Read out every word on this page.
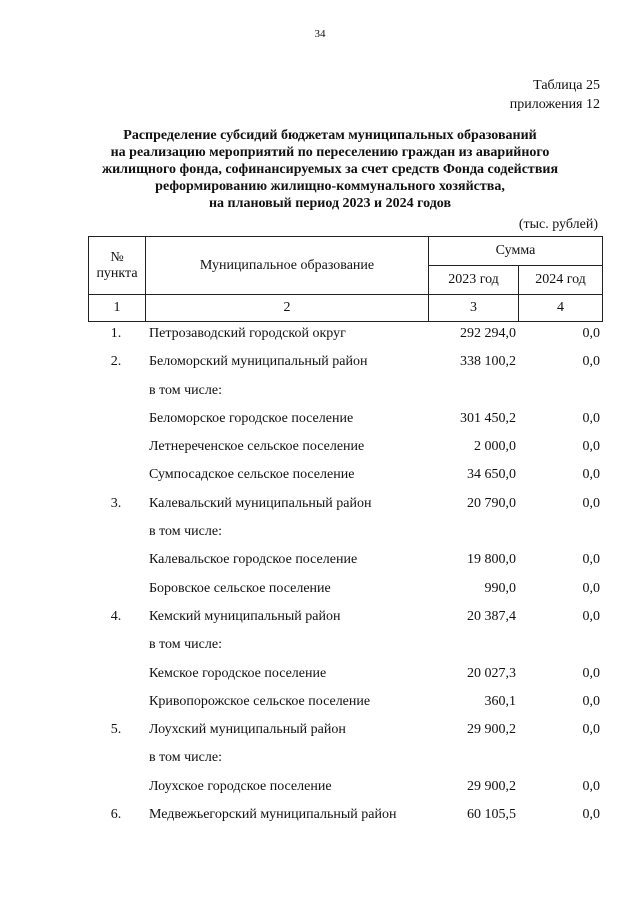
34
Таблица 25
приложения 12
Распределение субсидий бюджетам муниципальных образований
на реализацию мероприятий по переселению граждан из аварийного
жилищного фонда, софинансируемых за счет средств Фонда содействия
реформированию жилищно-коммунального хозяйства,
на плановый период 2023 и 2024 годов
(тыс. рублей)
№
пункта	Муниципальное образование	Сумма	
		2023 год	2024 год
1	2	3	4
1.	Петрозаводский городской округ	292 294,0	0,0
2.	Беломорский муниципальный район	338 100,2	0,0
в том числе:
Беломорское городское поселение	301 450,2	0,0
Летнереченское сельское поселение	2 000,0	0,0
Сумпосадское сельское поселение	34 650,0	0,0
3.	Калевальский муниципальный район	20 790,0	0,0
в том числе:
Калевальское городское поселение	19 800,0	0,0
Боровское сельское поселение	990,0	0,0
4.	Кемский муниципальный район	20 387,4	0,0
в том числе:
Кемское городское поселение	20 027,3	0,0
Кривопорожское сельское поселение	360,1	0,0
5.	Лоухский муниципальный район	29 900,2	0,0
в том числе:
Лоухское городское поселение	29 900,2	0,0
6.	Медвежьегорский муниципальный район	60 105,5	0,0
